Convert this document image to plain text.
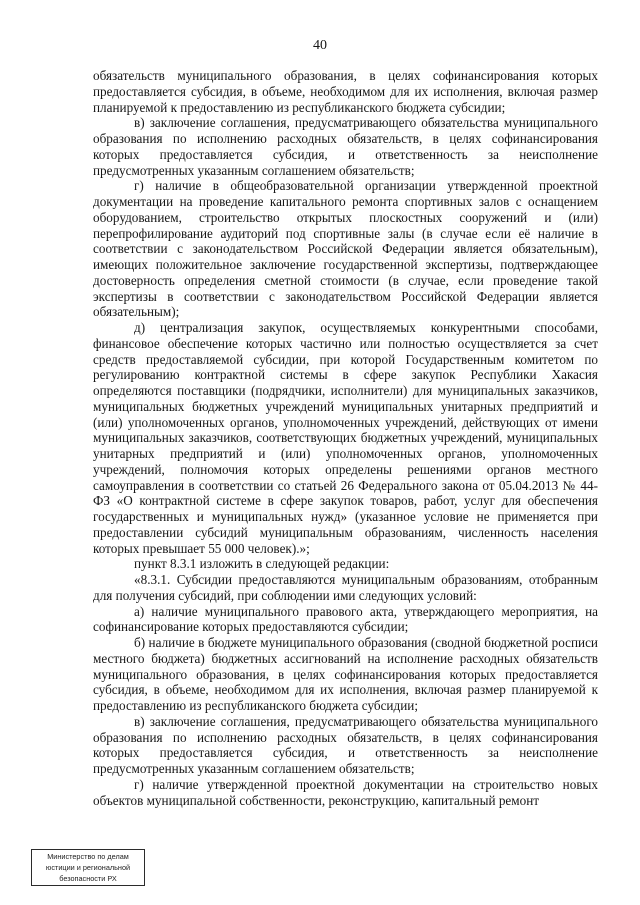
40

обязательств муниципального образования, в целях софинансирования которых предоставляется субсидия, в объеме, необходимом для их исполнения, включая размер планируемой к предоставлению из республиканского бюджета субсидии;

в) заключение соглашения, предусматривающего обязательства муниципального образования по исполнению расходных обязательств, в целях софинансирования которых предоставляется субсидия, и ответственность за неисполнение предусмотренных указанным соглашением обязательств;

г) наличие в общеобразовательной организации утвержденной проектной документации на проведение капитального ремонта спортивных залов с оснащением оборудованием, строительство открытых плоскостных сооружений и (или) перепрофилирование аудиторий под спортивные залы (в случае если её наличие в соответствии с законодательством Российской Федерации является обязательным), имеющих положительное заключение государственной экспертизы, подтверждающее достоверность определения сметной стоимости (в случае, если проведение такой экспертизы в соответствии с законодательством Российской Федерации является обязательным);

д) централизация закупок, осуществляемых конкурентными способами, финансовое обеспечение которых частично или полностью осуществляется за счет средств предоставляемой субсидии, при которой Государственным комитетом по регулированию контрактной системы в сфере закупок Республики Хакасия определяются поставщики (подрядчики, исполнители) для муниципальных заказчиков, муниципальных бюджетных учреждений муниципальных унитарных предприятий и (или) уполномоченных органов, уполномоченных учреждений, действующих от имени муниципальных заказчиков, соответствующих бюджетных учреждений, муниципальных унитарных предприятий и (или) уполномоченных органов, уполномоченных учреждений, полномочия которых определены решениями органов местного самоуправления в соответствии со статьей 26 Федерального закона от 05.04.2013 № 44-ФЗ «О контрактной системе в сфере закупок товаров, работ, услуг для обеспечения государственных и муниципальных нужд» (указанное условие не применяется при предоставлении субсидий муниципальным образованиям, численность населения которых превышает 55 000 человек).»;

пункт 8.3.1 изложить в следующей редакции:

«8.3.1. Субсидии предоставляются муниципальным образованиям, отобранным для получения субсидий, при соблюдении ими следующих условий:

а) наличие муниципального правового акта, утверждающего мероприятия, на софинансирование которых предоставляются субсидии;

б) наличие в бюджете муниципального образования (сводной бюджетной росписи местного бюджета) бюджетных ассигнований на исполнение расходных обязательств муниципального образования, в целях софинансирования которых предоставляется субсидия, в объеме, необходимом для их исполнения, включая размер планируемой к предоставлению из республиканского бюджета субсидии;

в) заключение соглашения, предусматривающего обязательства муниципального образования по исполнению расходных обязательств, в целях софинансирования которых предоставляется субсидия, и ответственность за неисполнение предусмотренных указанным соглашением обязательств;

г) наличие утвержденной проектной документации на строительство новых объектов муниципальной собственности, реконструкцию, капитальный ремонт

Министерство по делам
юстиции и региональной
безопасности РХ
